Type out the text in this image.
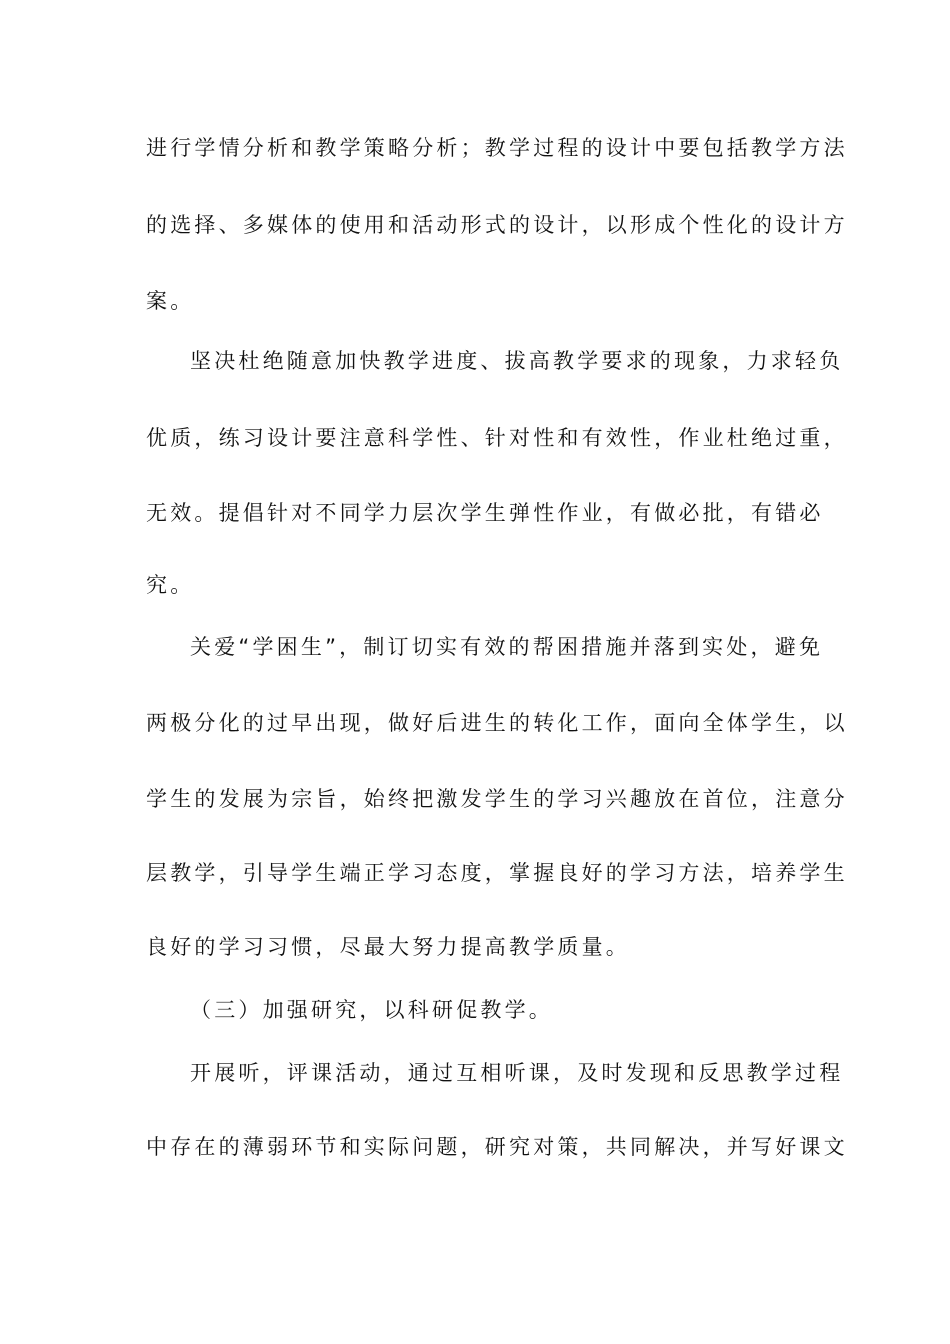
进行学情分析和教学策略分析；教学过程的设计中要包括教学方法
的选择、多媒体的使用和活动形式的设计，以形成个性化的设计方
案。
坚决杜绝随意加快教学进度、拔高教学要求的现象，力求轻负
优质，练习设计要注意科学性、针对性和有效性，作业杜绝过重，
无效。提倡针对不同学力层次学生弹性作业，有做必批，有错必
究。
关爱“学困生”，制订切实有效的帮困措施并落到实处，避免
两极分化的过早出现，做好后进生的转化工作，面向全体学生，以
学生的发展为宗旨，始终把激发学生的学习兴趣放在首位，注意分
层教学，引导学生端正学习态度，掌握良好的学习方法，培养学生
良好的学习习惯，尽最大努力提高教学质量。
（三）加强研究，以科研促教学。
开展听，评课活动，通过互相听课，及时发现和反思教学过程
中存在的薄弱环节和实际问题，研究对策，共同解决，并写好课文
